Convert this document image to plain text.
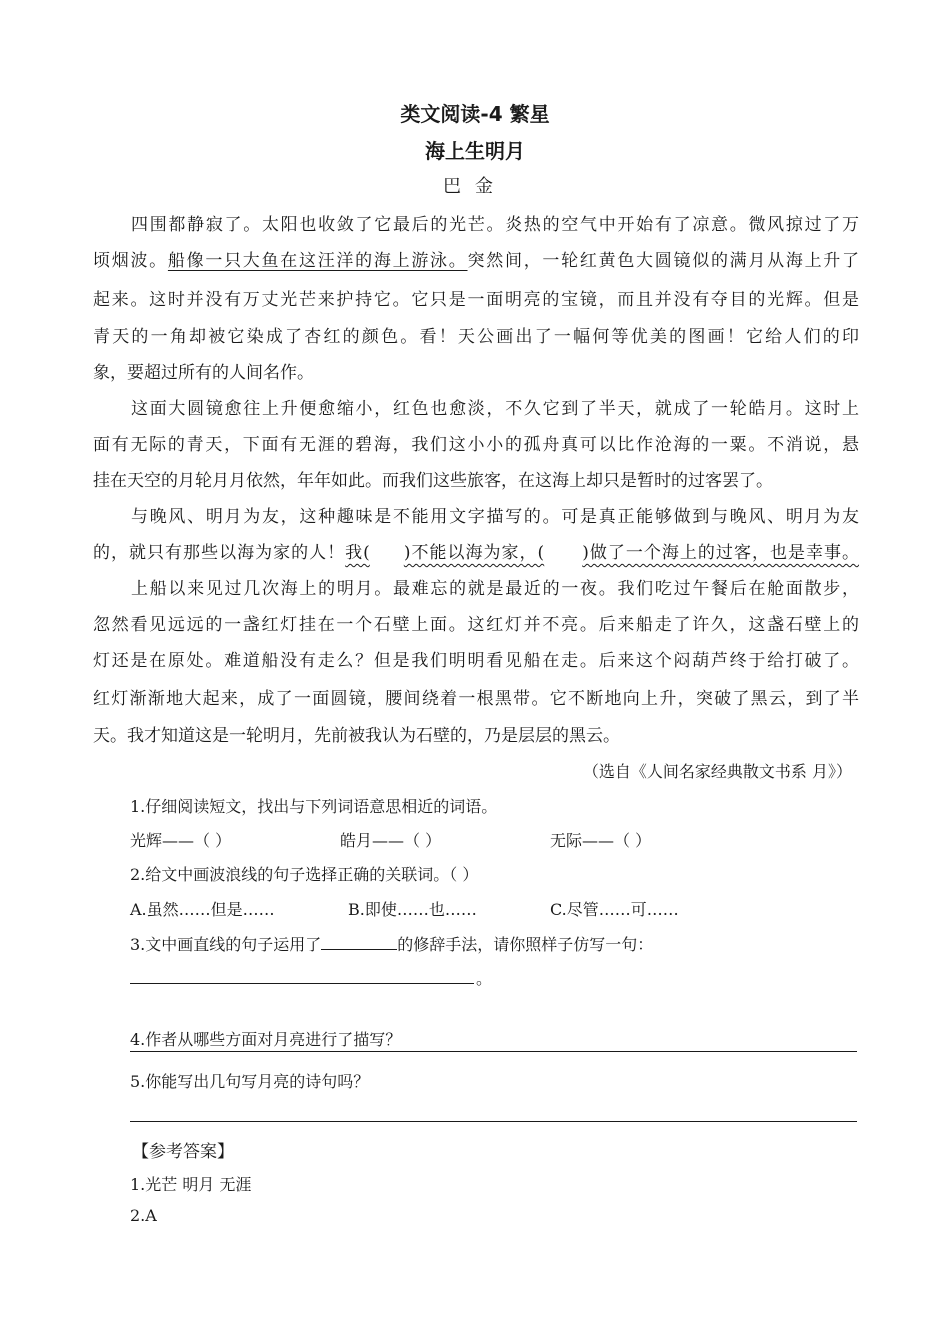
类文阅读-4 繁星
海上生明月
巴金
四围都静寂了。太阳也收敛了它最后的光芒。炎热的空气中开始有了凉意。微风掠过了万
顷烟波。船像一只大鱼在这汪洋的海上游泳。突然间，一轮红黄色大圆镜似的满月从海上升了
起来。这时并没有万丈光芒来护持它。它只是一面明亮的宝镜，而且并没有夺目的光辉。但是
青天的一角却被它染成了杏红的颜色。看！天公画出了一幅何等优美的图画！它给人们的印
象，要超过所有的人间名作。
这面大圆镜愈往上升便愈缩小，红色也愈淡，不久它到了半天，就成了一轮皓月。这时上
面有无际的青天，下面有无涯的碧海，我们这小小的孤舟真可以比作沧海的一粟。不消说，悬
挂在天空的月轮月月依然，年年如此。而我们这些旅客，在这海上却只是暂时的过客罢了。
与晚风、明月为友，这种趣味是不能用文字描写的。可是真正能够做到与晚风、明月为友
的，就只有那些以海为家的人！我( )不能以海为家，( )做了一个海上的过客，也是幸事。
上船以来见过几次海上的明月。最难忘的就是最近的一夜。我们吃过午餐后在舱面散步，
忽然看见远远的一盏红灯挂在一个石壁上面。这红灯并不亮。后来船走了许久，这盏石壁上的
灯还是在原处。难道船没有走么？但是我们明明看见船在走。后来这个闷葫芦终于给打破了。
红灯渐渐地大起来，成了一面圆镜，腰间绕着一根黑带。它不断地向上升，突破了黑云，到了半
天。我才知道这是一轮明月，先前被我认为石壁的，乃是层层的黑云。
（选自《人间名家经典散文书系 月》）
1.仔细阅读短文，找出与下列词语意思相近的词语。
光辉——（ ）	皓月——（ ）	无际——（ ）
2.给文中画波浪线的句子选择正确的关联词。（ ）
A.虽然……但是……	B.即使……也……	C.尽管……可……
3.文中画直线的句子运用了	的修辞手法，请你照样子仿写一句：
。
4.作者从哪些方面对月亮进行了描写？
5.你能写出几句写月亮的诗句吗？
【参考答案】
1.光芒 明月 无涯
2.A
